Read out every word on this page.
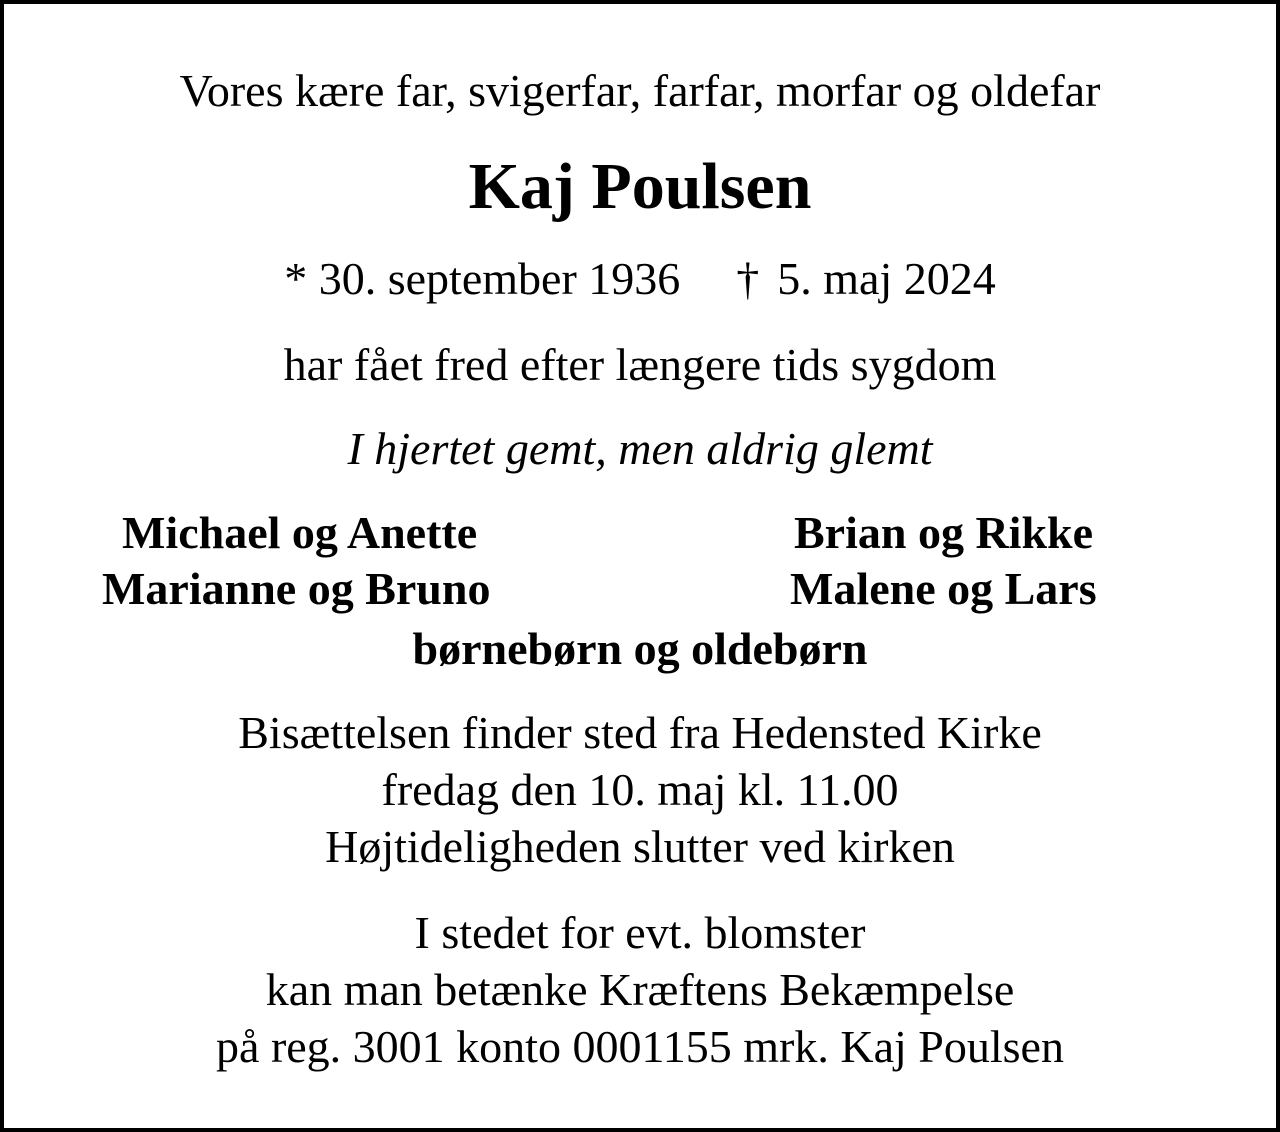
Vores kære far, svigerfar, farfar, morfar og oldefar
Kaj Poulsen
* 30. september 1936 † 5. maj 2024
har fået fred efter længere tids sygdom
I hjertet gemt, men aldrig glemt
Michael og Anette
Marianne og Bruno
Brian og Rikke
Malene og Lars
børnebørn og oldebørn
Bisættelsen finder sted fra Hedensted Kirke
fredag den 10. maj kl. 11.00
Højtideligheden slutter ved kirken
I stedet for evt. blomster
kan man betænke Kræftens Bekæmpelse
på reg. 3001 konto 0001155 mrk. Kaj Poulsen
